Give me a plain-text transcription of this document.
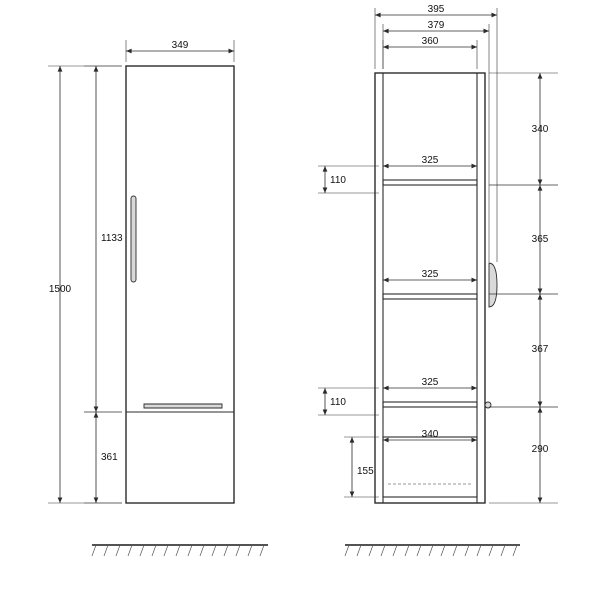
349
1500
1133
361
395
379
360
325
325
325
340
110
110
155
340
365
367
290
